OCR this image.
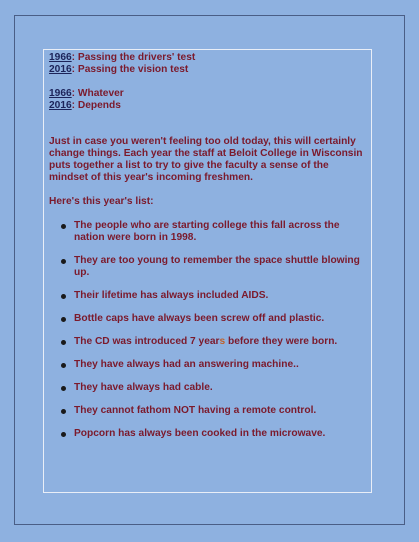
1966: Passing the drivers' test

2016: Passing the vision test

1966: Whatever

2016: Depends

Just in case you weren't feeling too old today, this will certainly change things. Each year the staff at Beloit College in Wisconsin puts together a list to try to give the faculty a sense of the mindset of this year's incoming freshmen.

Here's this year's list:

The people who are starting college this fall across the nation were born in 1998.
They are too young to remember the space shuttle blowing up.
Their lifetime has always included AIDS.
Bottle caps have always been screw off and plastic.
The CD was introduced 7 years before they were born.
They have always had an answering machine..
They have always had cable.
They cannot fathom NOT having a remote control.
Popcorn has always been cooked in the microwave.
